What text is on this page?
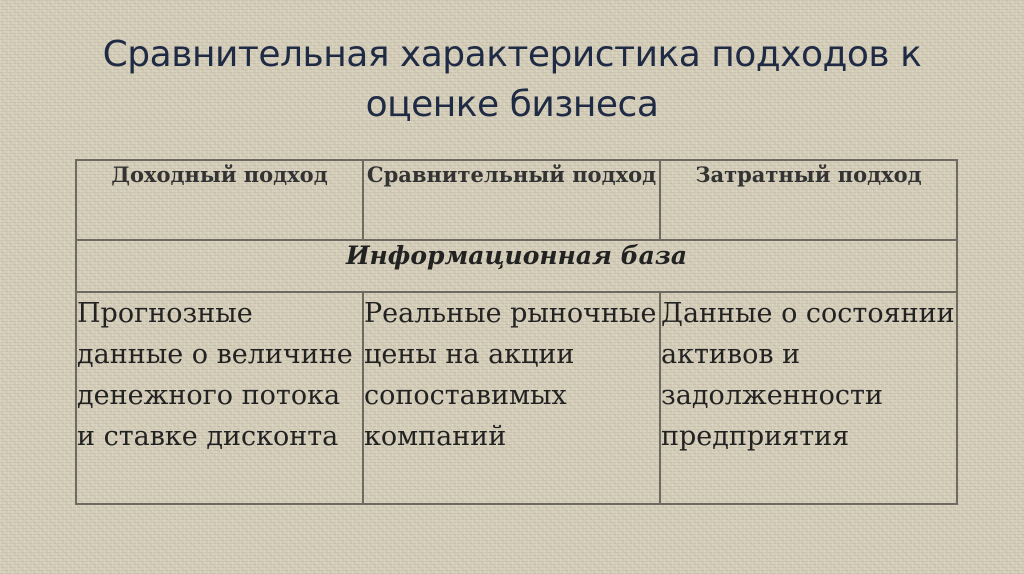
Сравнительная характеристика подходов к
оценке бизнеса
Доходный подход	Сравнительный подход	Затратный подход
Информационная база		
Прогнозные данные о величине денежного потока и ставке дисконта	Реальные рыночные цены на акции сопоставимых компаний	Данные о состоянии активов и задолженности предприятия
